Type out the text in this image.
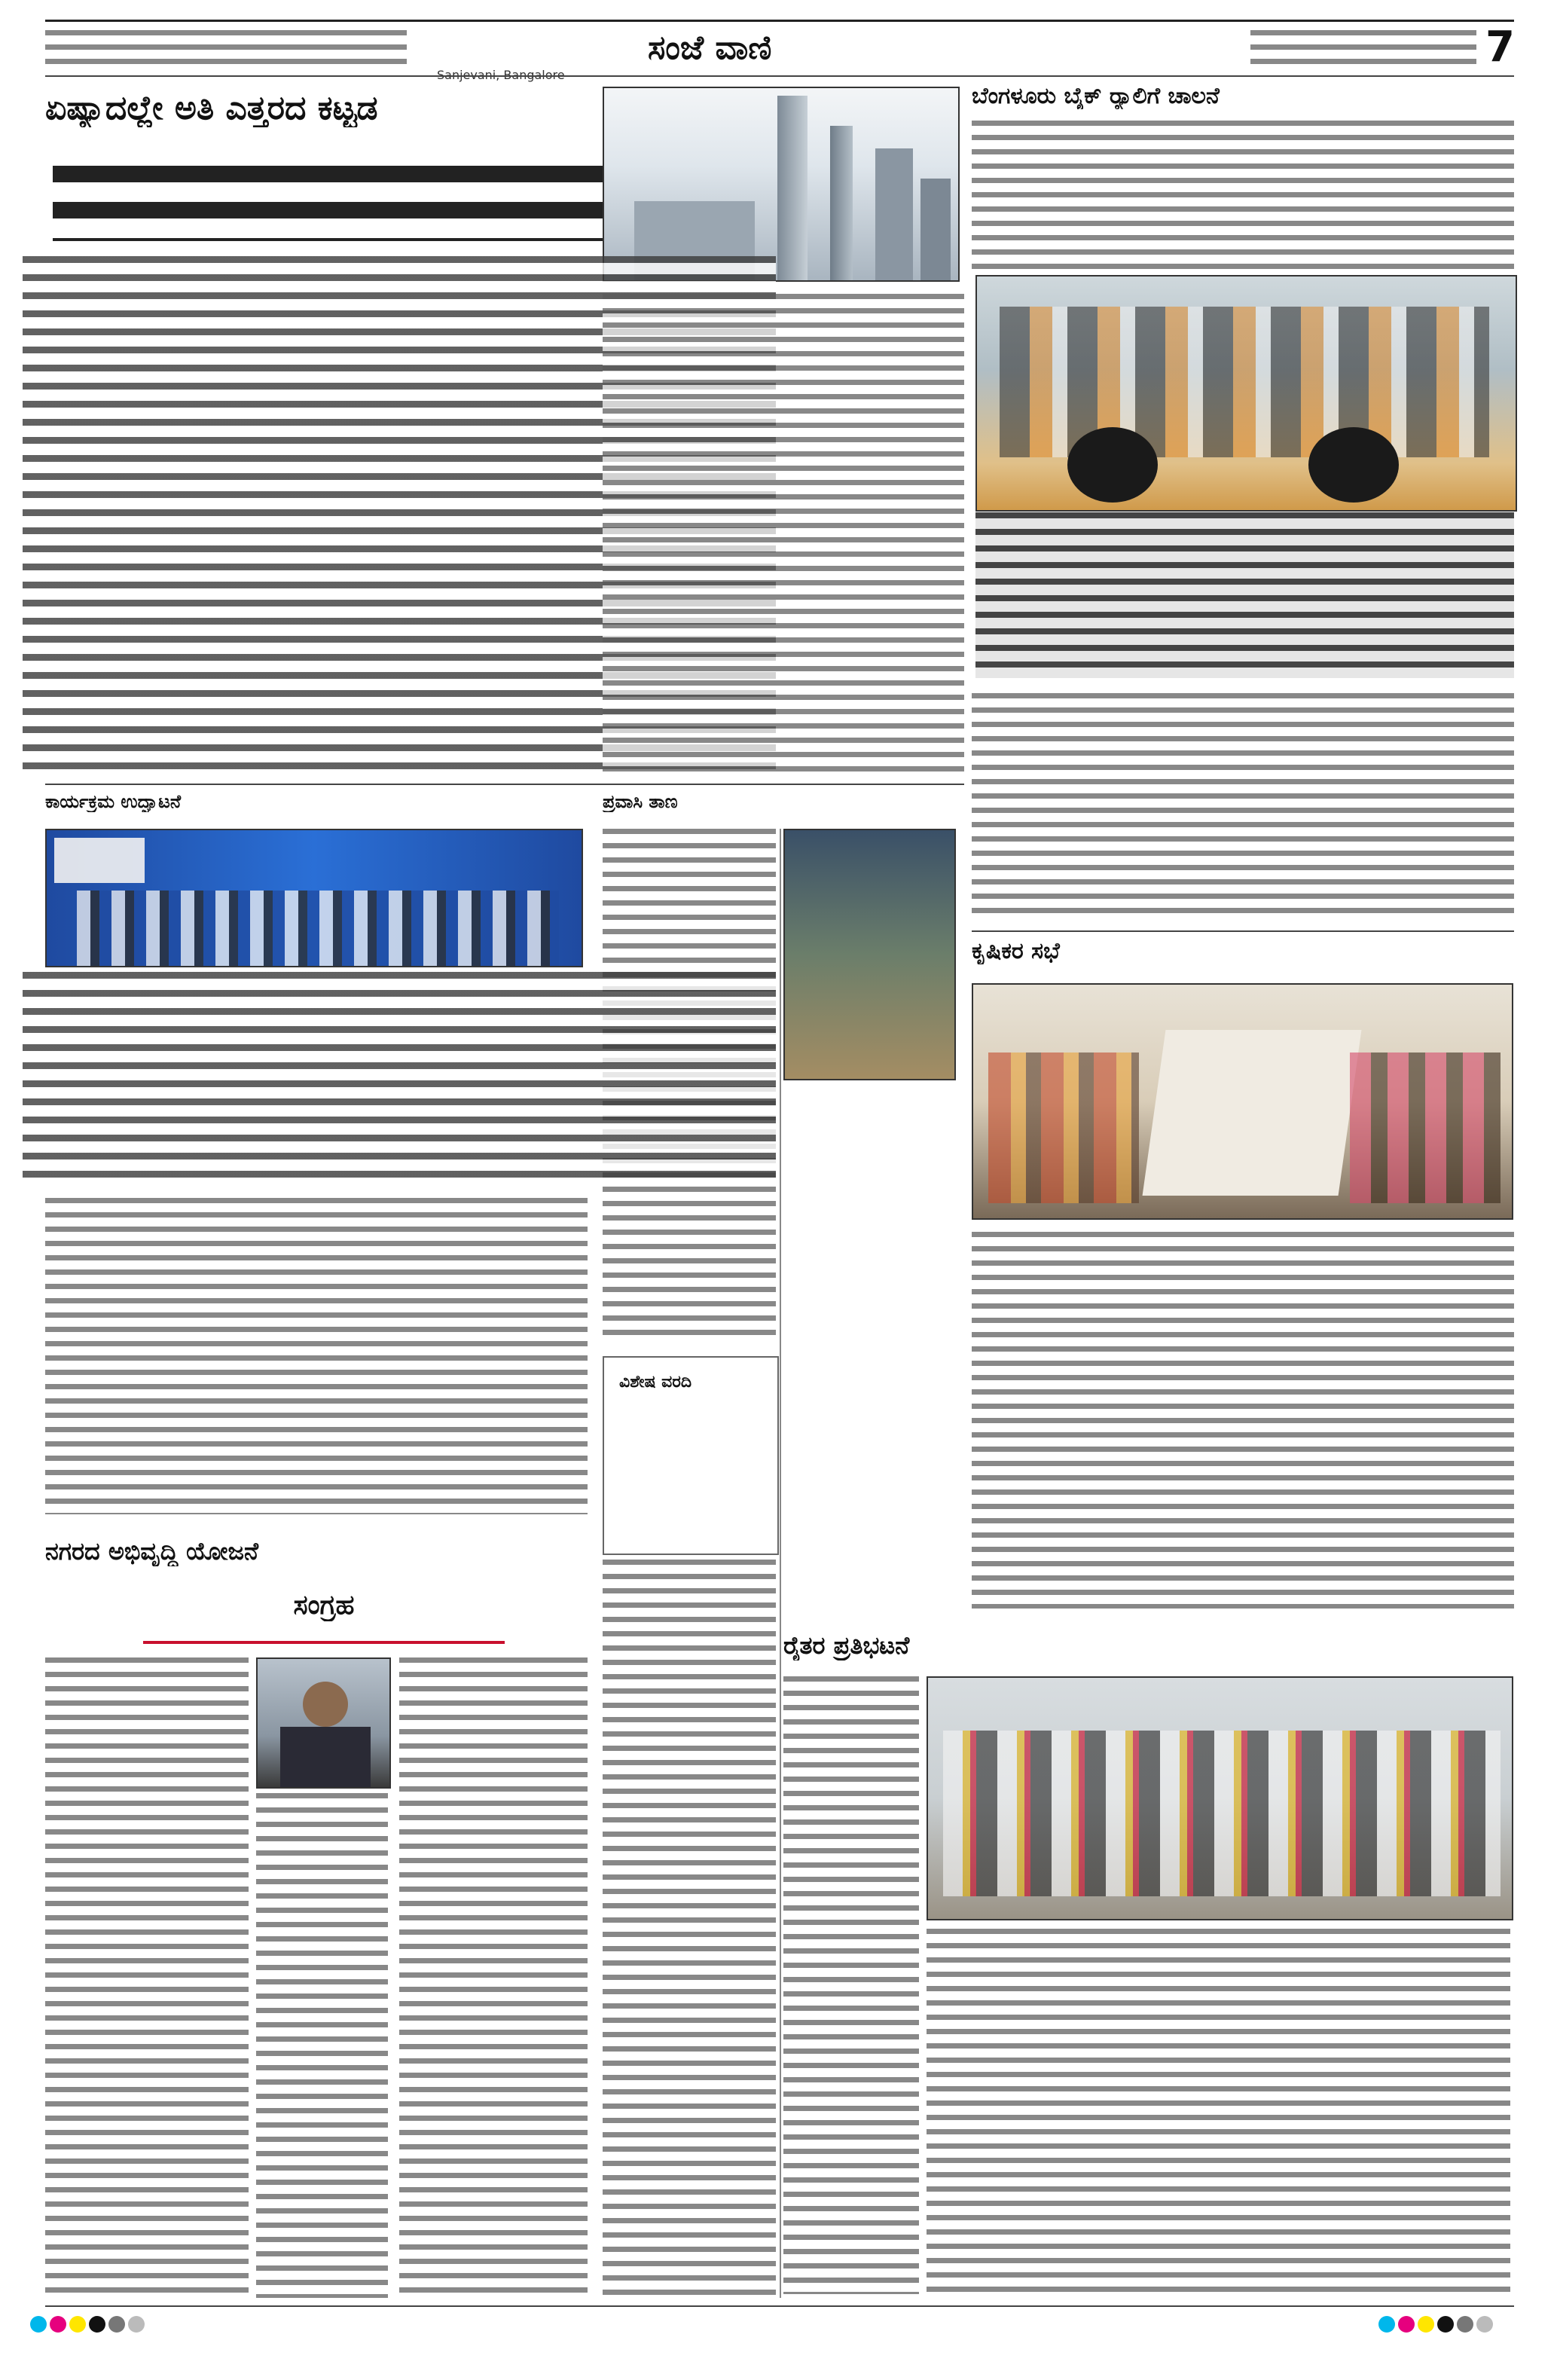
ಸಂಜೆ ವಾಣಿ	7
ಏಷ್ಯಾದಲ್ಲೇ ಅತಿ ಎತ್ತರದ ಕಟ್ಟಡ	ಬೆಂಗಳೂರು ಬೈಕ್ ರ್‍ಯಾಲಿಗೆ ಚಾಲನೆ
ಕಾರ್ಯಕ್ರಮ ಉದ್ಘಾಟನೆ	ಪ್ರವಾಸಿ ತಾಣ
ಕೃಷಿಕರ ಸಭೆ
ವಿಶೇಷ ವರದಿ
ನಗರದ ಅಭಿವೃದ್ಧಿ ಯೋಜನೆ
ಸಂಗ್ರಹ
ರೈತರ ಪ್ರತಿಭಟನೆ
